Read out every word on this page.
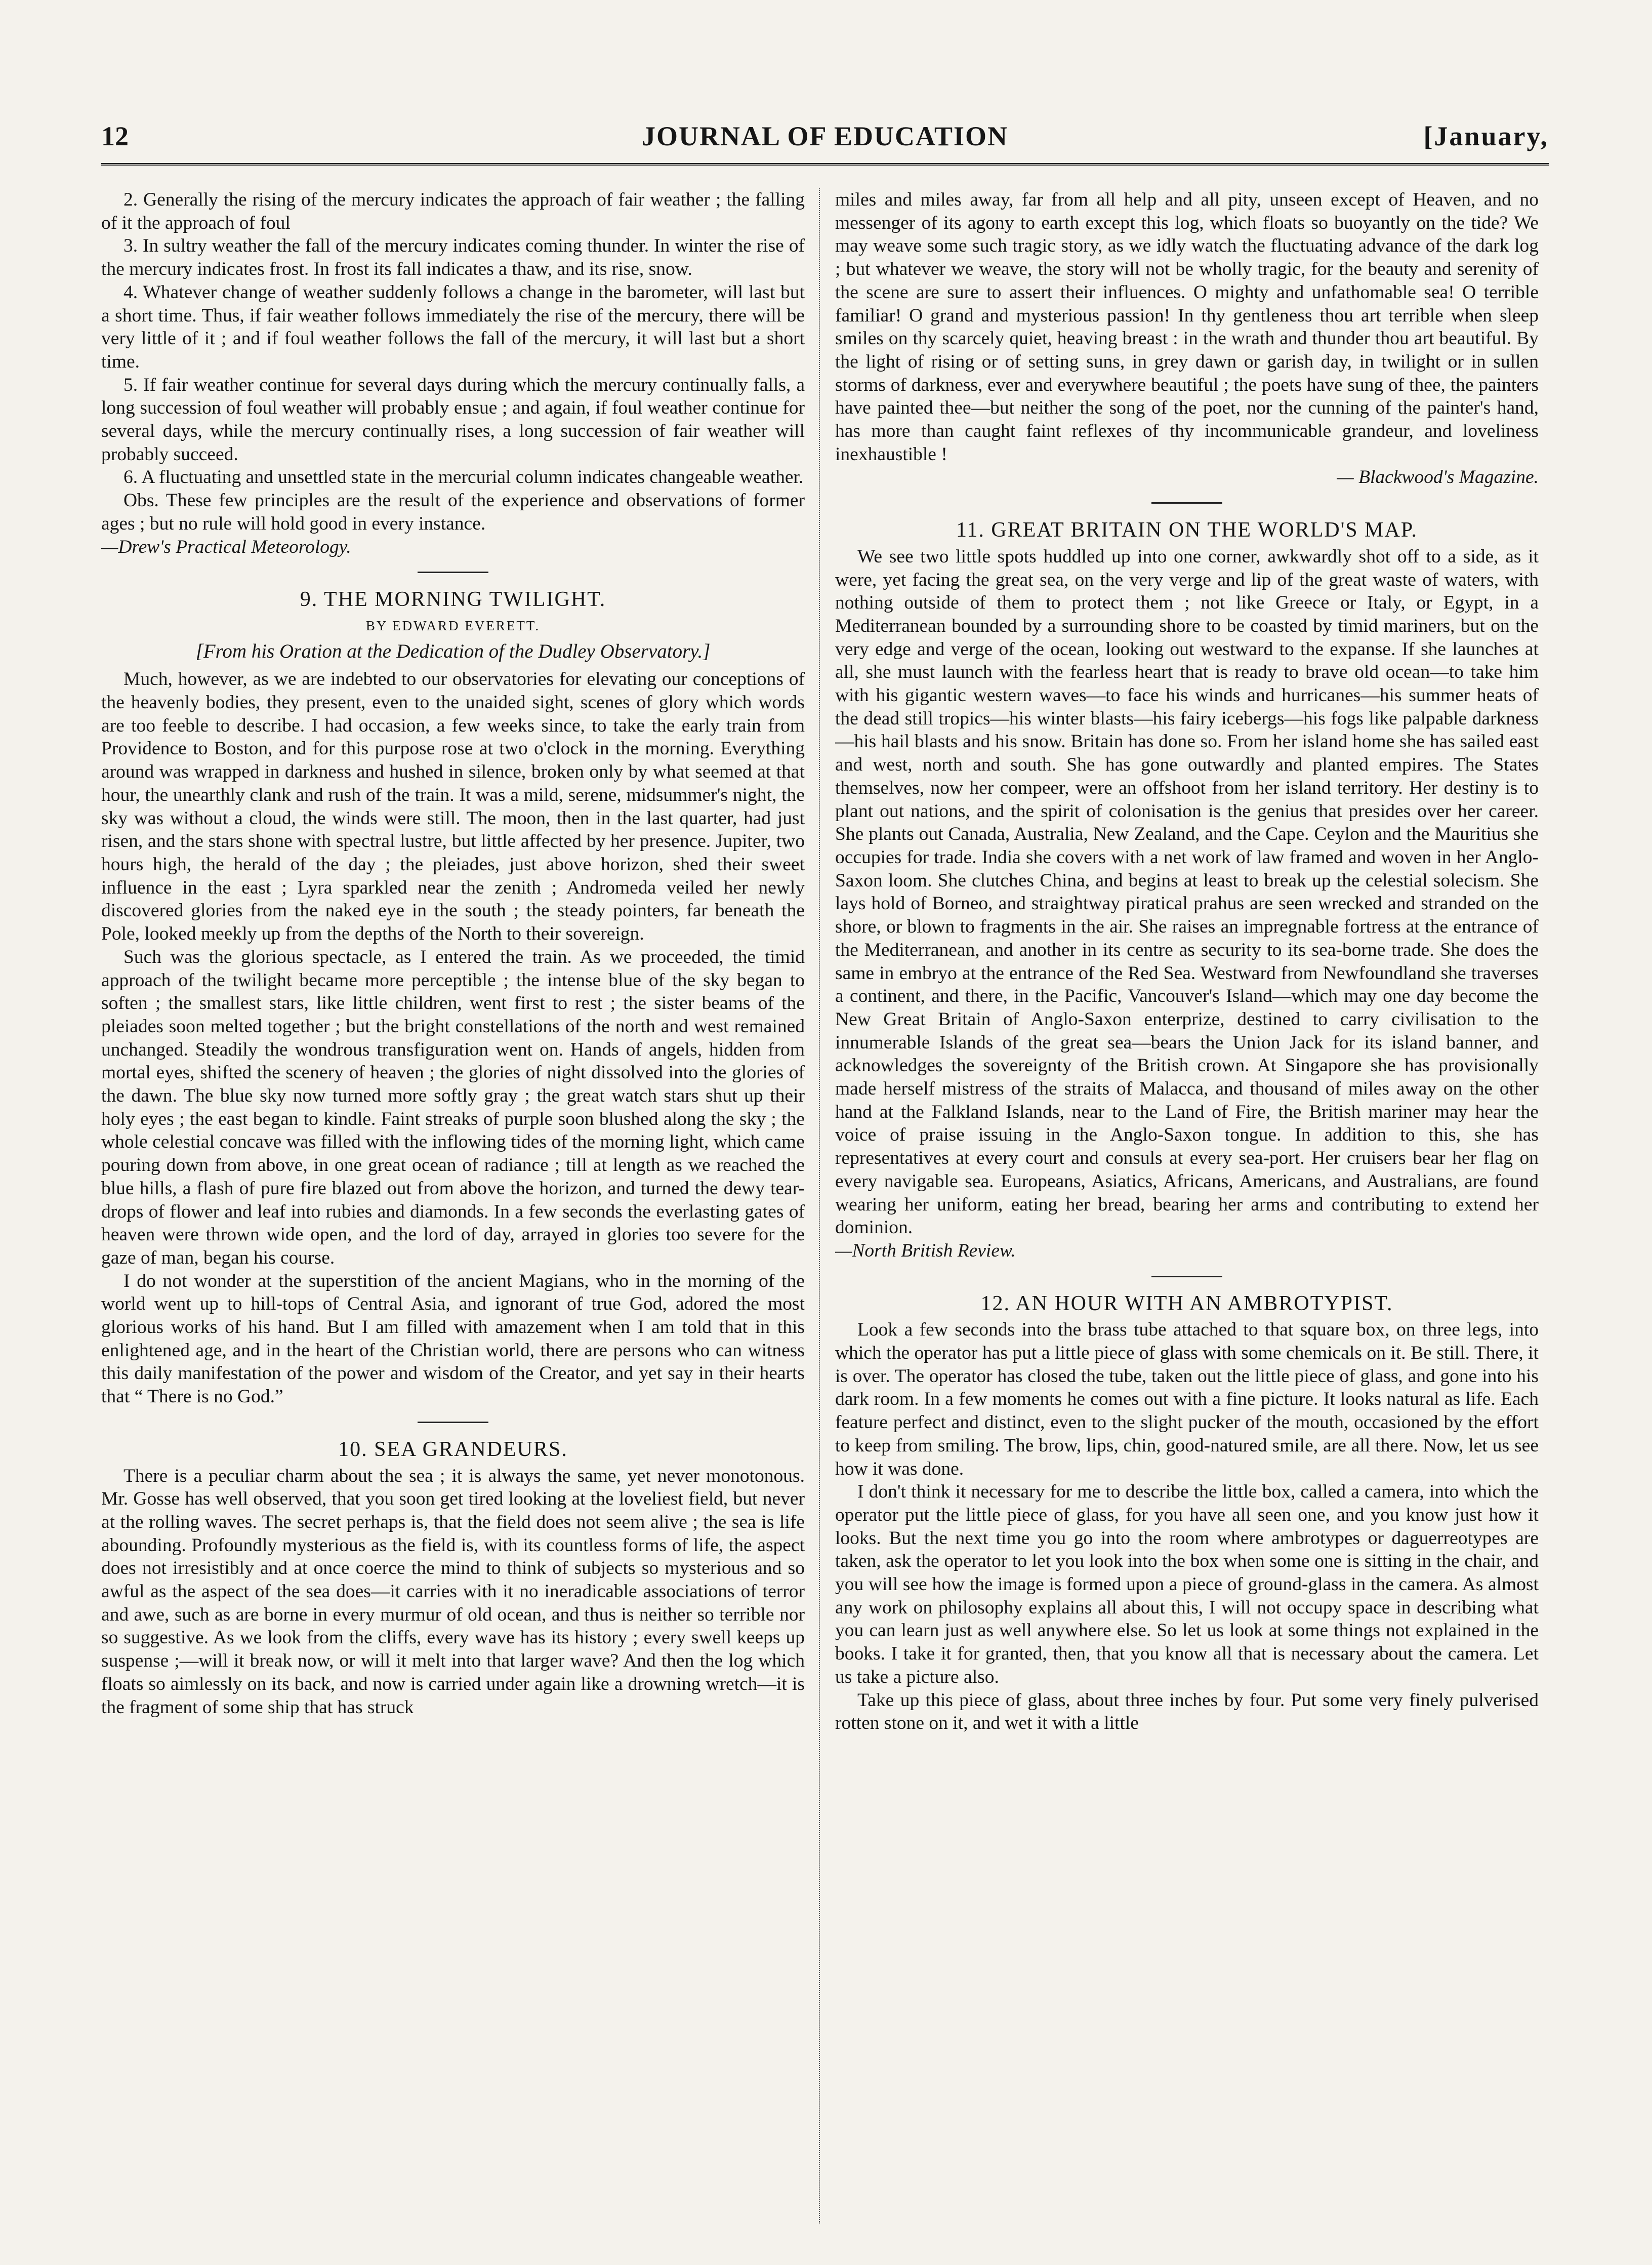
12	JOURNAL OF EDUCATION	[January,

2. Generally the rising of the mercury indicates the approach of fair weather ; the falling of it the approach of foul

3. In sultry weather the fall of the mercury indicates coming thunder. In winter the rise of the mercury indicates frost. In frost its fall indicates a thaw, and its rise, snow.

4. Whatever change of weather suddenly follows a change in the barometer, will last but a short time. Thus, if fair weather follows immediately the rise of the mercury, there will be very little of it ; and if foul weather follows the fall of the mercury, it will last but a short time.

5. If fair weather continue for several days during which the mercury continually falls, a long succession of foul weather will probably ensue ; and again, if foul weather continue for several days, while the mercury continually rises, a long succession of fair weather will probably succeed.

6. A fluctuating and unsettled state in the mercurial column indicates changeable weather.

Obs. These few principles are the result of the experience and observations of former ages ; but no rule will hold good in every instance.

—Drew's Practical Meteorology.

9. THE MORNING TWILIGHT.
BY EDWARD EVERETT.
[From his Oration at the Dedication of the Dudley Observatory.]

Much, however, as we are indebted to our observatories for elevating our conceptions of the heavenly bodies, they present, even to the unaided sight, scenes of glory which words are too feeble to describe. I had occasion, a few weeks since, to take the early train from Providence to Boston, and for this purpose rose at two o'clock in the morning. Everything around was wrapped in darkness and hushed in silence, broken only by what seemed at that hour, the unearthly clank and rush of the train. It was a mild, serene, midsummer's night, the sky was without a cloud, the winds were still. The moon, then in the last quarter, had just risen, and the stars shone with spectral lustre, but little affected by her presence. Jupiter, two hours high, the herald of the day ; the pleiades, just above horizon, shed their sweet influence in the east ; Lyra sparkled near the zenith ; Andromeda veiled her newly discovered glories from the naked eye in the south ; the steady pointers, far beneath the Pole, looked meekly up from the depths of the North to their sovereign.

Such was the glorious spectacle, as I entered the train. As we proceeded, the timid approach of the twilight became more perceptible ; the intense blue of the sky began to soften ; the smallest stars, like little children, went first to rest ; the sister beams of the pleiades soon melted together ; but the bright constellations of the north and west remained unchanged. Steadily the wondrous transfiguration went on. Hands of angels, hidden from mortal eyes, shifted the scenery of heaven ; the glories of night dissolved into the glories of the dawn. The blue sky now turned more softly gray ; the great watch stars shut up their holy eyes ; the east began to kindle. Faint streaks of purple soon blushed along the sky ; the whole celestial concave was filled with the inflowing tides of the morning light, which came pouring down from above, in one great ocean of radiance ; till at length as we reached the blue hills, a flash of pure fire blazed out from above the horizon, and turned the dewy tear-drops of flower and leaf into rubies and diamonds. In a few seconds the everlasting gates of heaven were thrown wide open, and the lord of day, arrayed in glories too severe for the gaze of man, began his course.

I do not wonder at the superstition of the ancient Magians, who in the morning of the world went up to hill-tops of Central Asia, and ignorant of true God, adored the most glorious works of his hand. But I am filled with amazement when I am told that in this enlightened age, and in the heart of the Christian world, there are persons who can witness this daily manifestation of the power and wisdom of the Creator, and yet say in their hearts that “ There is no God.”

10. SEA GRANDEURS.

There is a peculiar charm about the sea ; it is always the same, yet never monotonous. Mr. Gosse has well observed, that you soon get tired looking at the loveliest field, but never at the rolling waves. The secret perhaps is, that the field does not seem alive ; the sea is life abounding. Profoundly mysterious as the field is, with its countless forms of life, the aspect does not irresistibly and at once coerce the mind to think of subjects so mysterious and so awful as the aspect of the sea does—it carries with it no ineradicable associations of terror and awe, such as are borne in every murmur of old ocean, and thus is neither so terrible nor so suggestive. As we look from the cliffs, every wave has its history ; every swell keeps up suspense ;—will it break now, or will it melt into that larger wave? And then the log which floats so aimlessly on its back, and now is carried under again like a drowning wretch—it is the fragment of some ship that has struck

miles and miles away, far from all help and all pity, unseen except of Heaven, and no messenger of its agony to earth except this log, which floats so buoyantly on the tide? We may weave some such tragic story, as we idly watch the fluctuating advance of the dark log ; but whatever we weave, the story will not be wholly tragic, for the beauty and serenity of the scene are sure to assert their influences. O mighty and unfathomable sea! O terrible familiar! O grand and mysterious passion! In thy gentleness thou art terrible when sleep smiles on thy scarcely quiet, heaving breast : in the wrath and thunder thou art beautiful. By the light of rising or of setting suns, in grey dawn or garish day, in twilight or in sullen storms of darkness, ever and everywhere beautiful ; the poets have sung of thee, the painters have painted thee—but neither the song of the poet, nor the cunning of the painter's hand, has more than caught faint reflexes of thy incommunicable grandeur, and loveliness inexhaustible !

— Blackwood's Magazine.

11. GREAT BRITAIN ON THE WORLD'S MAP.

We see two little spots huddled up into one corner, awkwardly shot off to a side, as it were, yet facing the great sea, on the very verge and lip of the great waste of waters, with nothing outside of them to protect them ; not like Greece or Italy, or Egypt, in a Mediterranean bounded by a surrounding shore to be coasted by timid mariners, but on the very edge and verge of the ocean, looking out westward to the expanse. If she launches at all, she must launch with the fearless heart that is ready to brave old ocean—to take him with his gigantic western waves—to face his winds and hurricanes—his summer heats of the dead still tropics—his winter blasts—his fairy icebergs—his fogs like palpable darkness—his hail blasts and his snow. Britain has done so. From her island home she has sailed east and west, north and south. She has gone outwardly and planted empires. The States themselves, now her compeer, were an offshoot from her island territory. Her destiny is to plant out nations, and the spirit of colonisation is the genius that presides over her career. She plants out Canada, Australia, New Zealand, and the Cape. Ceylon and the Mauritius she occupies for trade. India she covers with a net work of law framed and woven in her Anglo-Saxon loom. She clutches China, and begins at least to break up the celestial solecism. She lays hold of Borneo, and straightway piratical prahus are seen wrecked and stranded on the shore, or blown to fragments in the air. She raises an impregnable fortress at the entrance of the Mediterranean, and another in its centre as security to its sea-borne trade. She does the same in embryo at the entrance of the Red Sea. Westward from Newfoundland she traverses a continent, and there, in the Pacific, Vancouver's Island—which may one day become the New Great Britain of Anglo-Saxon enterprize, destined to carry civilisation to the innumerable Islands of the great sea—bears the Union Jack for its island banner, and acknowledges the sovereignty of the British crown. At Singapore she has provisionally made herself mistress of the straits of Malacca, and thousand of miles away on the other hand at the Falkland Islands, near to the Land of Fire, the British mariner may hear the voice of praise issuing in the Anglo-Saxon tongue. In addition to this, she has representatives at every court and consuls at every sea-port. Her cruisers bear her flag on every navigable sea. Europeans, Asiatics, Africans, Americans, and Australians, are found wearing her uniform, eating her bread, bearing her arms and contributing to extend her dominion.

—North British Review.

12. AN HOUR WITH AN AMBROTYPIST.

Look a few seconds into the brass tube attached to that square box, on three legs, into which the operator has put a little piece of glass with some chemicals on it. Be still. There, it is over. The operator has closed the tube, taken out the little piece of glass, and gone into his dark room. In a few moments he comes out with a fine picture. It looks natural as life. Each feature perfect and distinct, even to the slight pucker of the mouth, occasioned by the effort to keep from smiling. The brow, lips, chin, good-natured smile, are all there. Now, let us see how it was done.

I don't think it necessary for me to describe the little box, called a camera, into which the operator put the little piece of glass, for you have all seen one, and you know just how it looks. But the next time you go into the room where ambrotypes or daguerreotypes are taken, ask the operator to let you look into the box when some one is sitting in the chair, and you will see how the image is formed upon a piece of ground-glass in the camera. As almost any work on philosophy explains all about this, I will not occupy space in describing what you can learn just as well anywhere else. So let us look at some things not explained in the books. I take it for granted, then, that you know all that is necessary about the camera. Let us take a picture also.

Take up this piece of glass, about three inches by four. Put some very finely pulverised rotten stone on it, and wet it with a little
